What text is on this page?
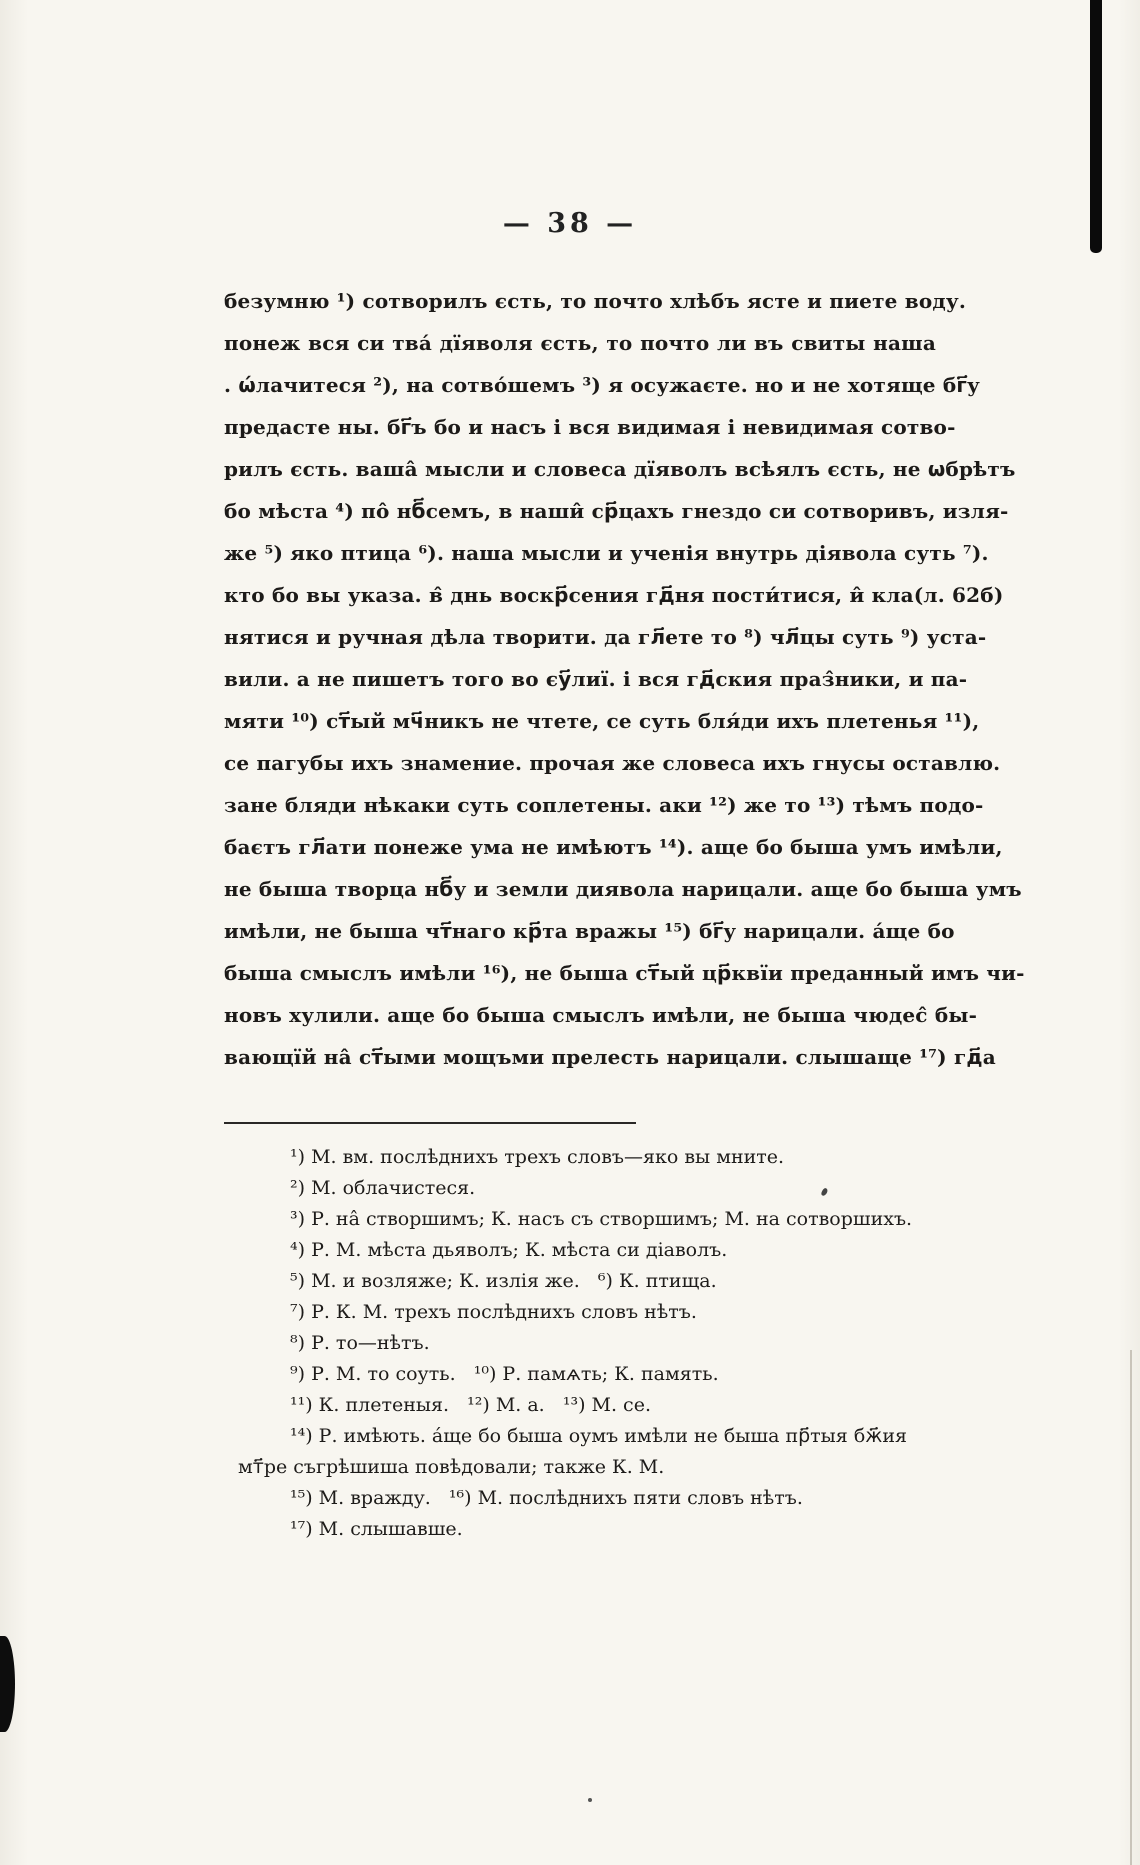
— 38 —
безумню ¹) сотворилъ єсть, то почто хлѣбъ ясте и пиете воду.
понеж вся си тва́ дїяволя єсть, то почто ли въ свиты наша
. ѡ́лачитеся ²), на сотво́шемъ ³) я осужаєте. но и не хотяще бг҃у
предасте ны. бг҃ъ бо и насъ і вся видимая і невидимая сотво-
рилъ єсть. ваша̂ мысли и словеса дїяволъ всѣялъ єсть, не ѡбрѣтъ
бо мѣста ⁴) по̂ нб҃семъ, в наши̂ ср҃цахъ гнездо си сотворивъ, изля-
же ⁵) яко птица ⁶). наша мысли и ученія внутрь діявола суть ⁷).
кто бо вы указа. в̂ днь воскр҃сения гд҃ня пости́тися, и̂ кла(л. 62б)
нятися и ручная дѣла творити. да гл҃ете то ⁸) чл҃цы суть ⁹) уста-
вили. а не пишетъ того во єу҃лиї. і вся гд҃ския праз̂ники, и па-
мяти ¹⁰) ст҃ый мч҃никъ не чтете, се суть бля́ди ихъ плетенья ¹¹),
се пагубы ихъ знамение. прочая же словеса ихъ гнусы оставлю.
зане бляди нѣкаки суть соплетены. аки ¹²) же то ¹³) тѣмъ подо-
баєтъ гл҃ати понеже ума не имѣютъ ¹⁴). аще бо быша умъ имѣли,
не быша творца нб҃у и земли диявола нарицали. аще бо быша умъ
имѣли, не быша чт҃наго кр҃та вражы ¹⁵) бг҃у нарицали. а́ще бо
быша смыслъ имѣли ¹⁶), не быша ст҃ый цр҃квїи преданный имъ чи-
новъ хулили. аще бо быша смыслъ имѣли, не быша чюдес̂ бы-
вающїй на̂ ст҃ыми мощъми прелесть нарицали. слышаще ¹⁷) гд҃а
¹) М. вм. послѣднихъ трехъ словъ—яко вы мните.
²) М. облачистеся.
³) Р. на̂ створшимъ; К. насъ съ створшимъ; М. на сотворшихъ.
⁴) Р. М. мѣста дьяволъ; К. мѣста си діаволъ.
⁵) М. и возляже; К. излія же.   ⁶) К. птища.
⁷) Р. К. М. трехъ послѣднихъ словъ нѣтъ.
⁸) Р. то—нѣтъ.
⁹) Р. М. то соуть.   ¹⁰) Р. памѧть; К. память.
¹¹) К. плетеныя.   ¹²) М. а.   ¹³) М. се.
¹⁴) Р. имѣють. а́ще бо быша оумъ имѣли не быша пр҃тыя бж҃ия
мт҃ре съгрѣшиша повѣдовали; также К. М.
¹⁵) М. вражду.   ¹⁶) М. послѣднихъ пяти словъ нѣтъ.
¹⁷) М. слышавше.
